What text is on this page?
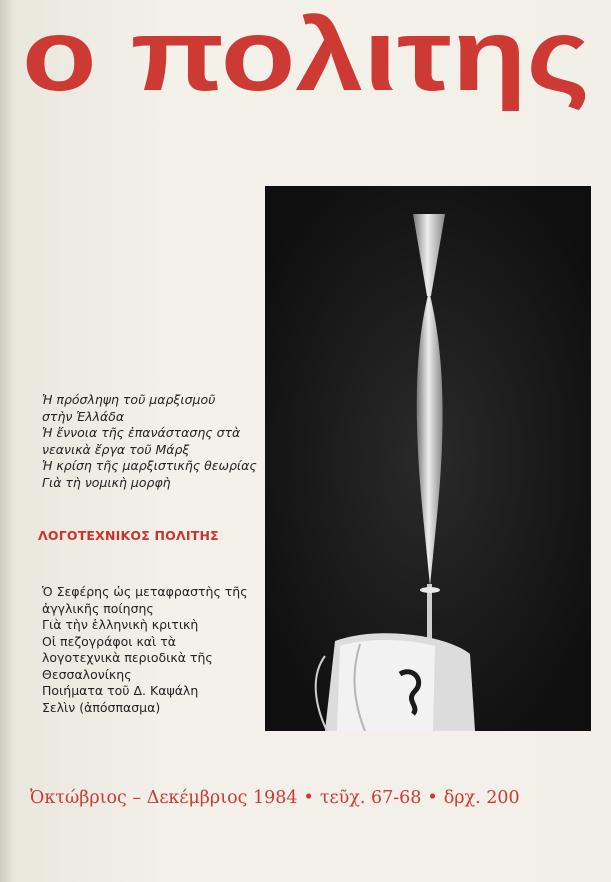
ο πολιτης
Ἡ πρόσληψη τοῦ μαρξισμοῦ
στὴν Ἑλλάδα
Ἡ ἔννοια τῆς ἐπανάστασης στὰ
νεανικὰ ἔργα τοῦ Μάρξ
Ἡ κρίση τῆς μαρξιστικῆς θεωρίας
Γιὰ τὴ νομικὴ μορφὴ
ΛΟΓΟΤΕΧΝΙΚΟΣ ΠΟΛΙΤΗΣ
Ὁ Σεφέρης ὡς μεταφραστὴς τῆς
ἀγγλικῆς ποίησης
Γιὰ τὴν ἑλληνικὴ κριτικὴ
Οἱ πεζογράφοι καὶ τὰ
λογοτεχνικὰ περιοδικὰ τῆς
Θεσσαλονίκης
Ποιήματα τοῦ Δ. Καψάλη
Σελὶν (ἀπόσπασμα)
Ὀκτώβριος – Δεκέμβριος 1984 • τεῦχ. 67-68 • δρχ. 200
